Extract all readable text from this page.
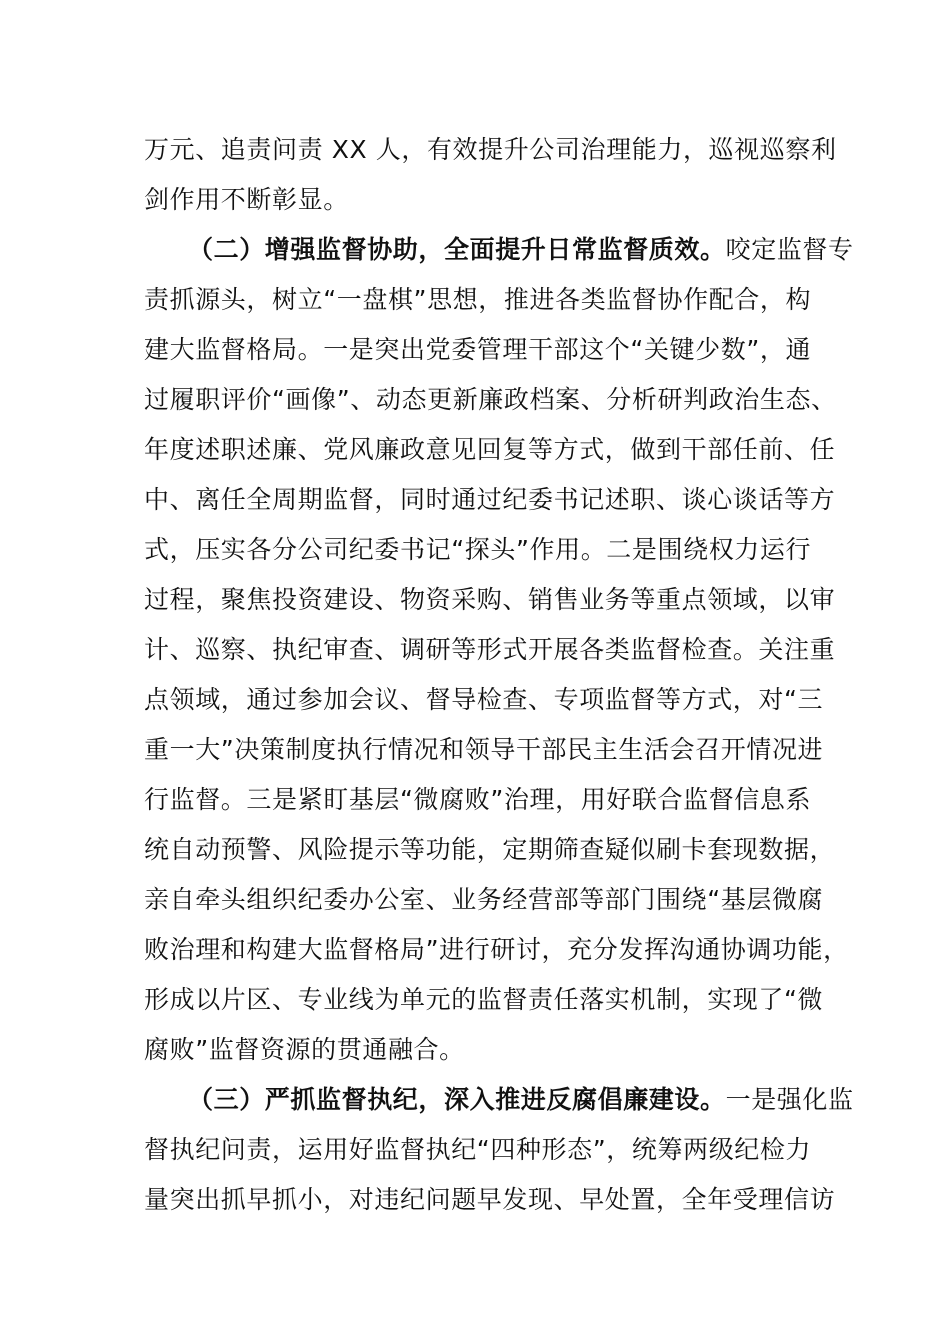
万元、追责问责 XX 人，有效提升公司治理能力，巡视巡察利
剑作用不断彰显。
（二）增强监督协助，全面提升日常监督质效。咬定监督专
责抓源头，树立“一盘棋”思想，推进各类监督协作配合，构
建大监督格局。一是突出党委管理干部这个“关键少数”，通
过履职评价“画像”、动态更新廉政档案、分析研判政治生态、
年度述职述廉、党风廉政意见回复等方式，做到干部任前、任
中、离任全周期监督，同时通过纪委书记述职、谈心谈话等方
式，压实各分公司纪委书记“探头”作用。二是围绕权力运行
过程，聚焦投资建设、物资采购、销售业务等重点领域，以审
计、巡察、执纪审查、调研等形式开展各类监督检查。关注重
点领域，通过参加会议、督导检查、专项监督等方式，对“三
重一大”决策制度执行情况和领导干部民主生活会召开情况进
行监督。三是紧盯基层“微腐败”治理，用好联合监督信息系
统自动预警、风险提示等功能，定期筛查疑似刷卡套现数据，
亲自牵头组织纪委办公室、业务经营部等部门围绕“基层微腐
败治理和构建大监督格局”进行研讨，充分发挥沟通协调功能，
形成以片区、专业线为单元的监督责任落实机制，实现了“微
腐败”监督资源的贯通融合。
（三）严抓监督执纪，深入推进反腐倡廉建设。一是强化监
督执纪问责，运用好监督执纪“四种形态”，统筹两级纪检力
量突出抓早抓小，对违纪问题早发现、早处置，全年受理信访
